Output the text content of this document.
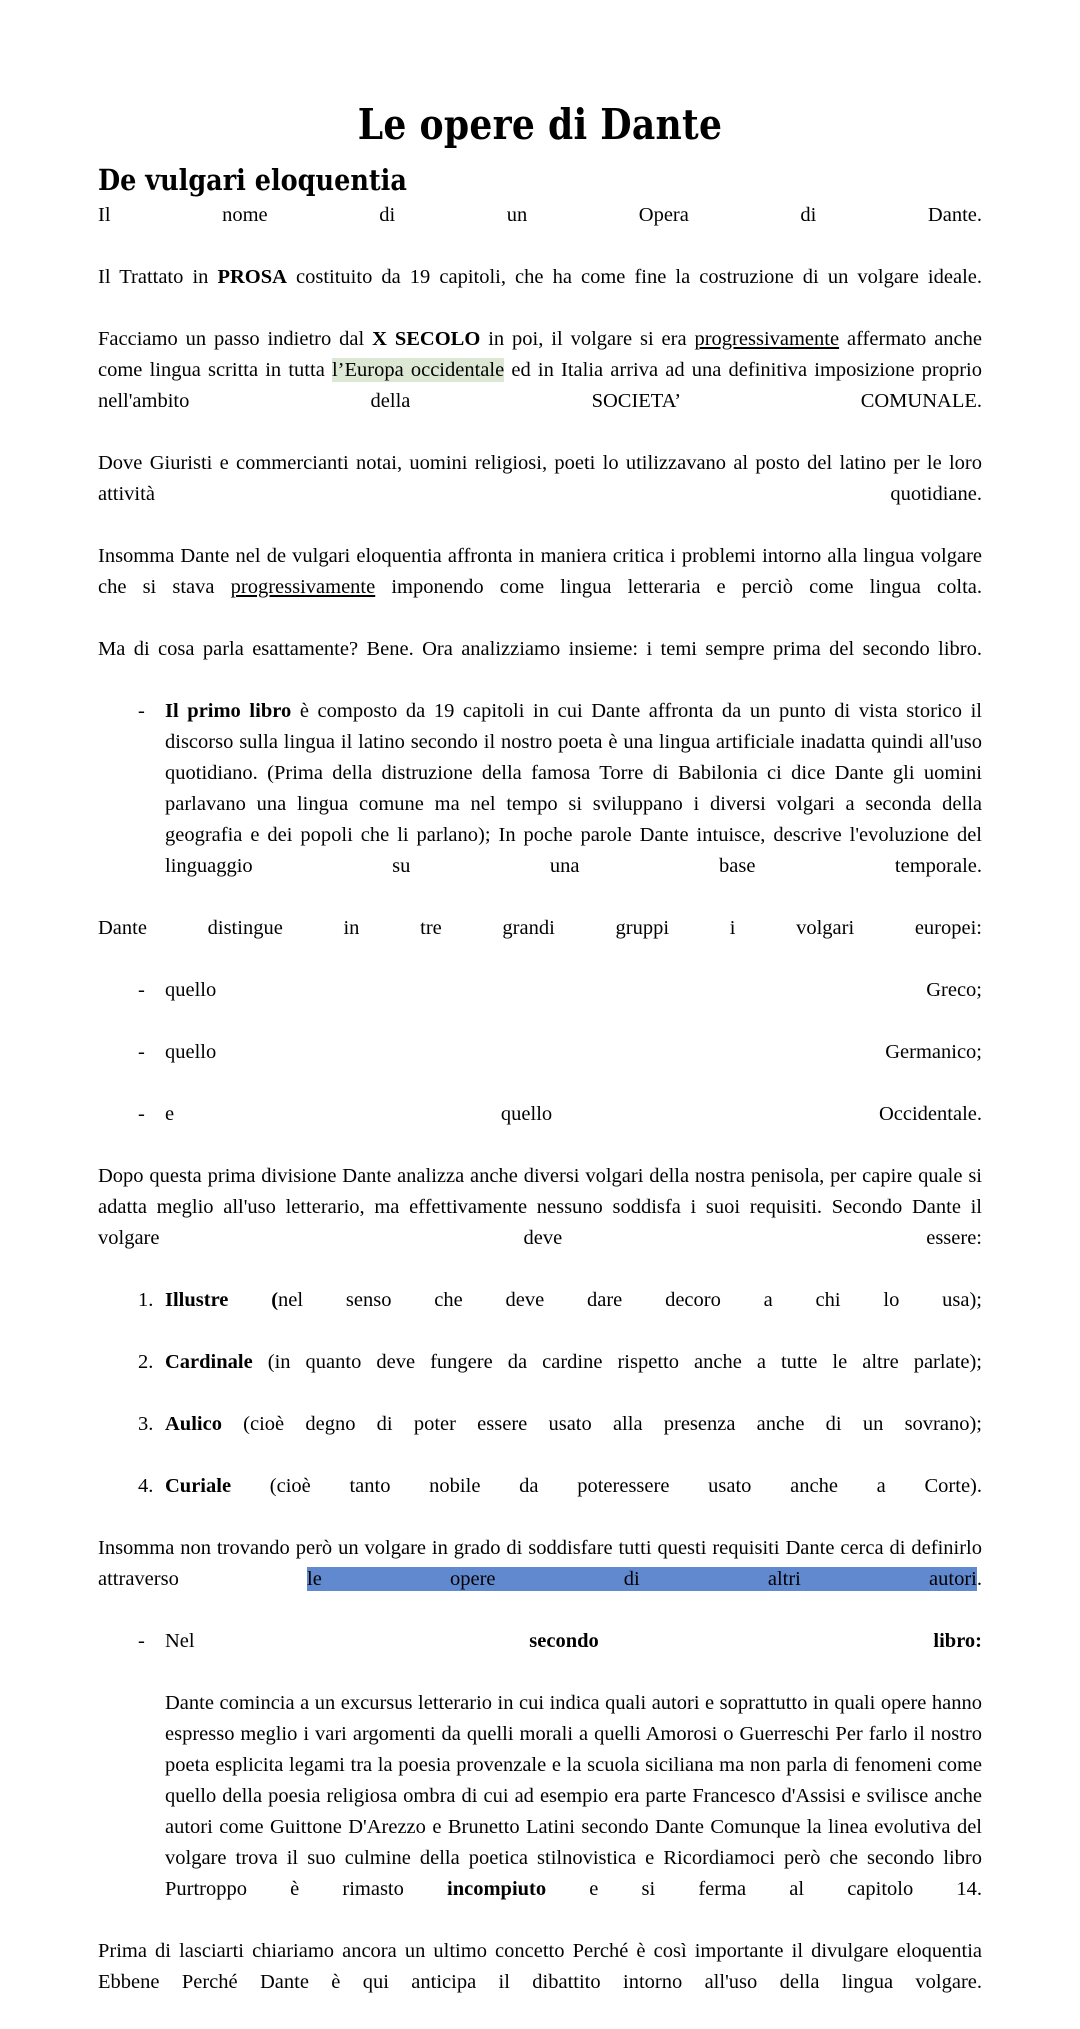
Le opere di Dante
De vulgari eloquentia

Il nome di un Opera di Dante.

Il Trattato in PROSA costituito da 19 capitoli, che ha come fine la costruzione di un volgare ideale.

Facciamo un passo indietro dal X SECOLO in poi, il volgare si era progressivamente affermato anche come lingua scritta in tutta l’Europa occidentale ed in Italia arriva ad una definitiva imposizione proprio nell'ambito della SOCIETA’ COMUNALE.

Dove Giuristi e commercianti notai, uomini religiosi, poeti lo utilizzavano al posto del latino per le loro attività quotidiane.

Insomma Dante nel de vulgari eloquentia affronta in maniera critica i problemi intorno alla lingua volgare che si stava progressivamente imponendo come lingua letteraria e perciò come lingua colta.

Ma di cosa parla esattamente? Bene. Ora analizziamo insieme: i temi sempre prima del secondo libro.

- Il primo libro è composto da 19 capitoli in cui Dante affronta da un punto di vista storico il discorso sulla lingua il latino secondo il nostro poeta è una lingua artificiale inadatta quindi all'uso quotidiano. (Prima della distruzione della famosa Torre di Babilonia ci dice Dante gli uomini parlavano una lingua comune ma nel tempo si sviluppano i diversi volgari a seconda della geografia e dei popoli che li parlano); In poche parole Dante intuisce, descrive l'evoluzione del linguaggio su una base temporale.

Dante distingue in tre grandi gruppi i volgari europei:

- quello Greco;
- quello Germanico;
- e quello Occidentale.

Dopo questa prima divisione Dante analizza anche diversi volgari della nostra penisola, per capire quale si adatta meglio all'uso letterario, ma effettivamente nessuno soddisfa i suoi requisiti. Secondo Dante il volgare deve essere:

1. Illustre (nel senso che deve dare decoro a chi lo usa);
2. Cardinale (in quanto deve fungere da cardine rispetto anche a tutte le altre parlate);
3. Aulico (cioè degno di poter essere usato alla presenza anche di un sovrano);
4. Curiale (cioè tanto nobile da poteressere usato anche a Corte).

Insomma non trovando però un volgare in grado di soddisfare tutti questi requisiti Dante cerca di definirlo attraverso le opere di altri autori.

- Nel secondo libro:
Dante comincia a un excursus letterario in cui indica quali autori e soprattutto in quali opere hanno espresso meglio i vari argomenti da quelli morali a quelli Amorosi o Guerreschi Per farlo il nostro poeta esplicita legami tra la poesia provenzale e la scuola siciliana ma non parla di fenomeni come quello della poesia religiosa ombra di cui ad esempio era parte Francesco d'Assisi e svilisce anche autori come Guittone D'Arezzo e Brunetto Latini secondo Dante Comunque la linea evolutiva del volgare trova il suo culmine della poetica stilnovistica e Ricordiamoci però che secondo libro Purtroppo è rimasto incompiuto e si ferma al capitolo 14.

Prima di lasciarti chiariamo ancora un ultimo concetto Perché è così importante il divulgare eloquentia Ebbene Perché Dante è qui anticipa il dibattito intorno all'uso della lingua volgare.
